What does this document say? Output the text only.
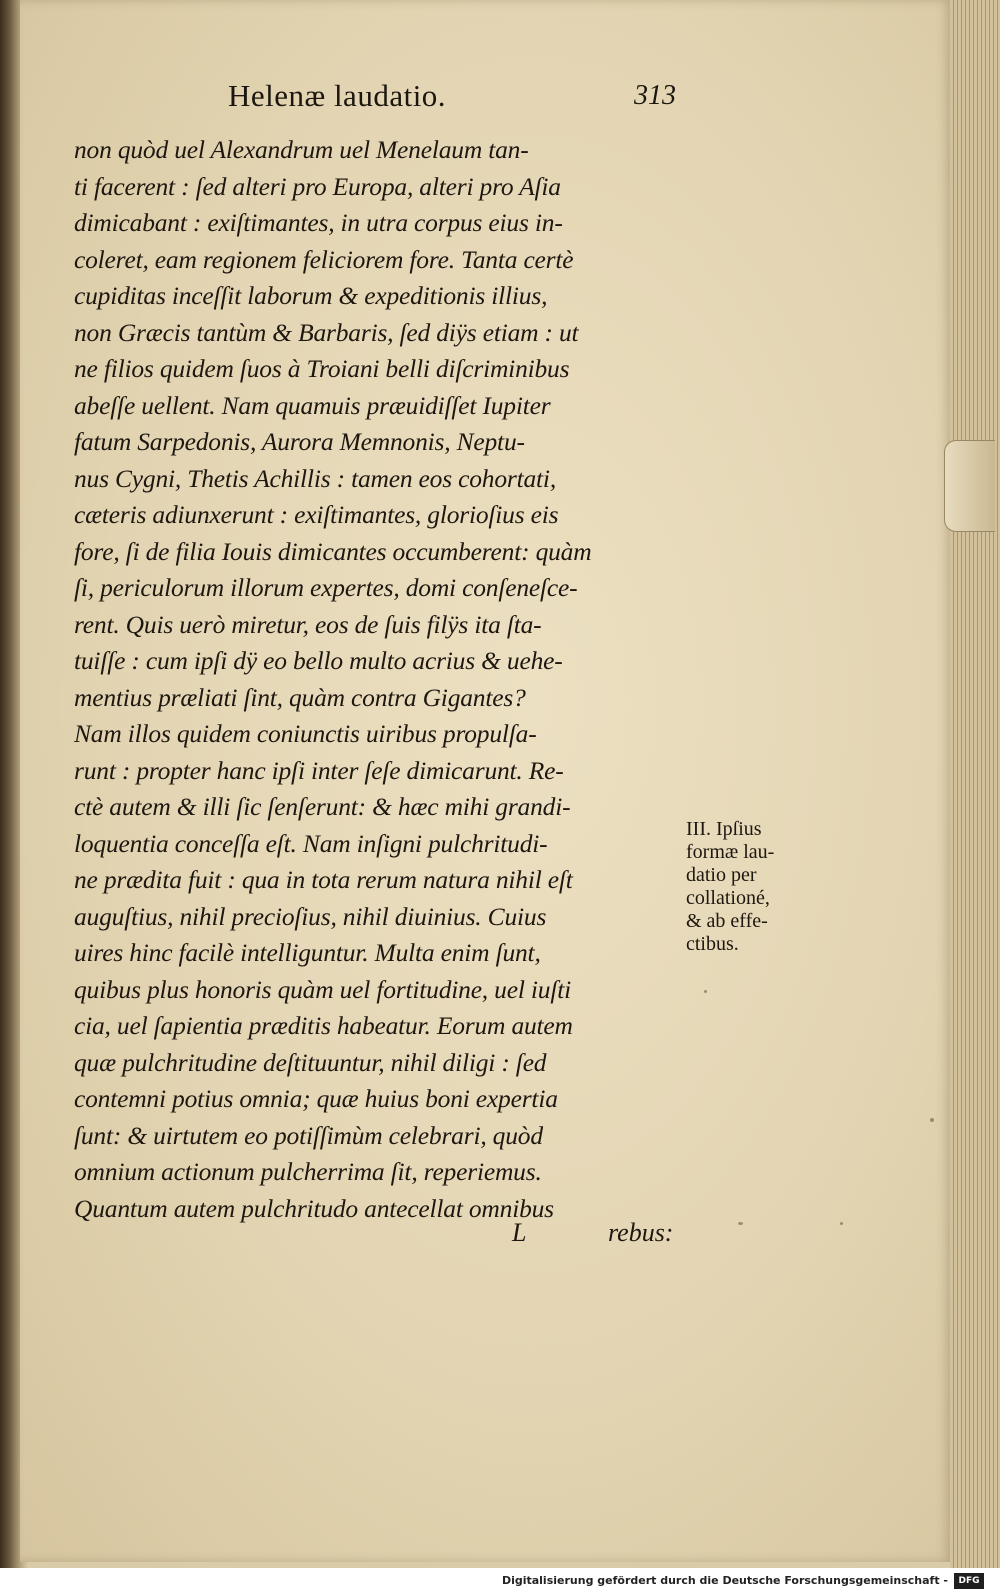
Helenæ laudatio.	313
non quòd uel Alexandrum uel Menelaum tan-
ti facerent : ſed alteri pro Europa, alteri pro Aſia
dimicabant : exiſtimantes, in utra corpus eius in-
coleret, eam regionem feliciorem fore. Tanta certè
cupiditas inceſſit laborum & expeditionis illius,
non Græcis tantùm & Barbaris, ſed diÿs etiam : ut
ne filios quidem ſuos à Troiani belli diſcriminibus
abeſſe uellent. Nam quamuis præuidiſſet Iupiter
fatum Sarpedonis, Aurora Memnonis, Neptu-
nus Cygni, Thetis Achillis : tamen eos cohortati,
cæteris adiunxerunt : exiſtimantes, glorioſius eis
fore, ſi de filia Iouis dimicantes occumberent: quàm
ſi, periculorum illorum expertes, domi conſeneſce-
rent. Quis uerò miretur, eos de ſuis filÿs ita ſta-
tuiſſe : cum ipſi dÿ eo bello multo acrius & uehe-
mentius præliati ſint, quàm contra Gigantes?
Nam illos quidem coniunctis uiribus propulſa-
runt : propter hanc ipſi inter ſeſe dimicarunt. Re-
ctè autem & illi ſic ſenſerunt: & hæc mihi grandi-
loquentia conceſſa eſt. Nam inſigni pulchritudi-
ne prædita fuit : qua in tota rerum natura nihil eſt
auguſtius, nihil precioſius, nihil diuinius. Cuius
uires hinc facilè intelliguntur. Multa enim ſunt,
quibus plus honoris quàm uel fortitudine, uel iuſti
cia, uel ſapientia præditis habeatur. Eorum autem
quæ pulchritudine deſtituuntur, nihil diligi : ſed
contemni potius omnia; quæ huius boni expertia
ſunt: & uirtutem eo potiſſimùm celebrari, quòd
omnium actionum pulcherrima ſit, reperiemus.
Quantum autem pulchritudo antecellat omnibus
III. Ipſius
formæ lau-
datio per
collationé,
& ab effe-
ctibus.
L	rebus:
Digitalisierung gefördert durch die Deutsche Forschungsgemeinschaft -	DFG
